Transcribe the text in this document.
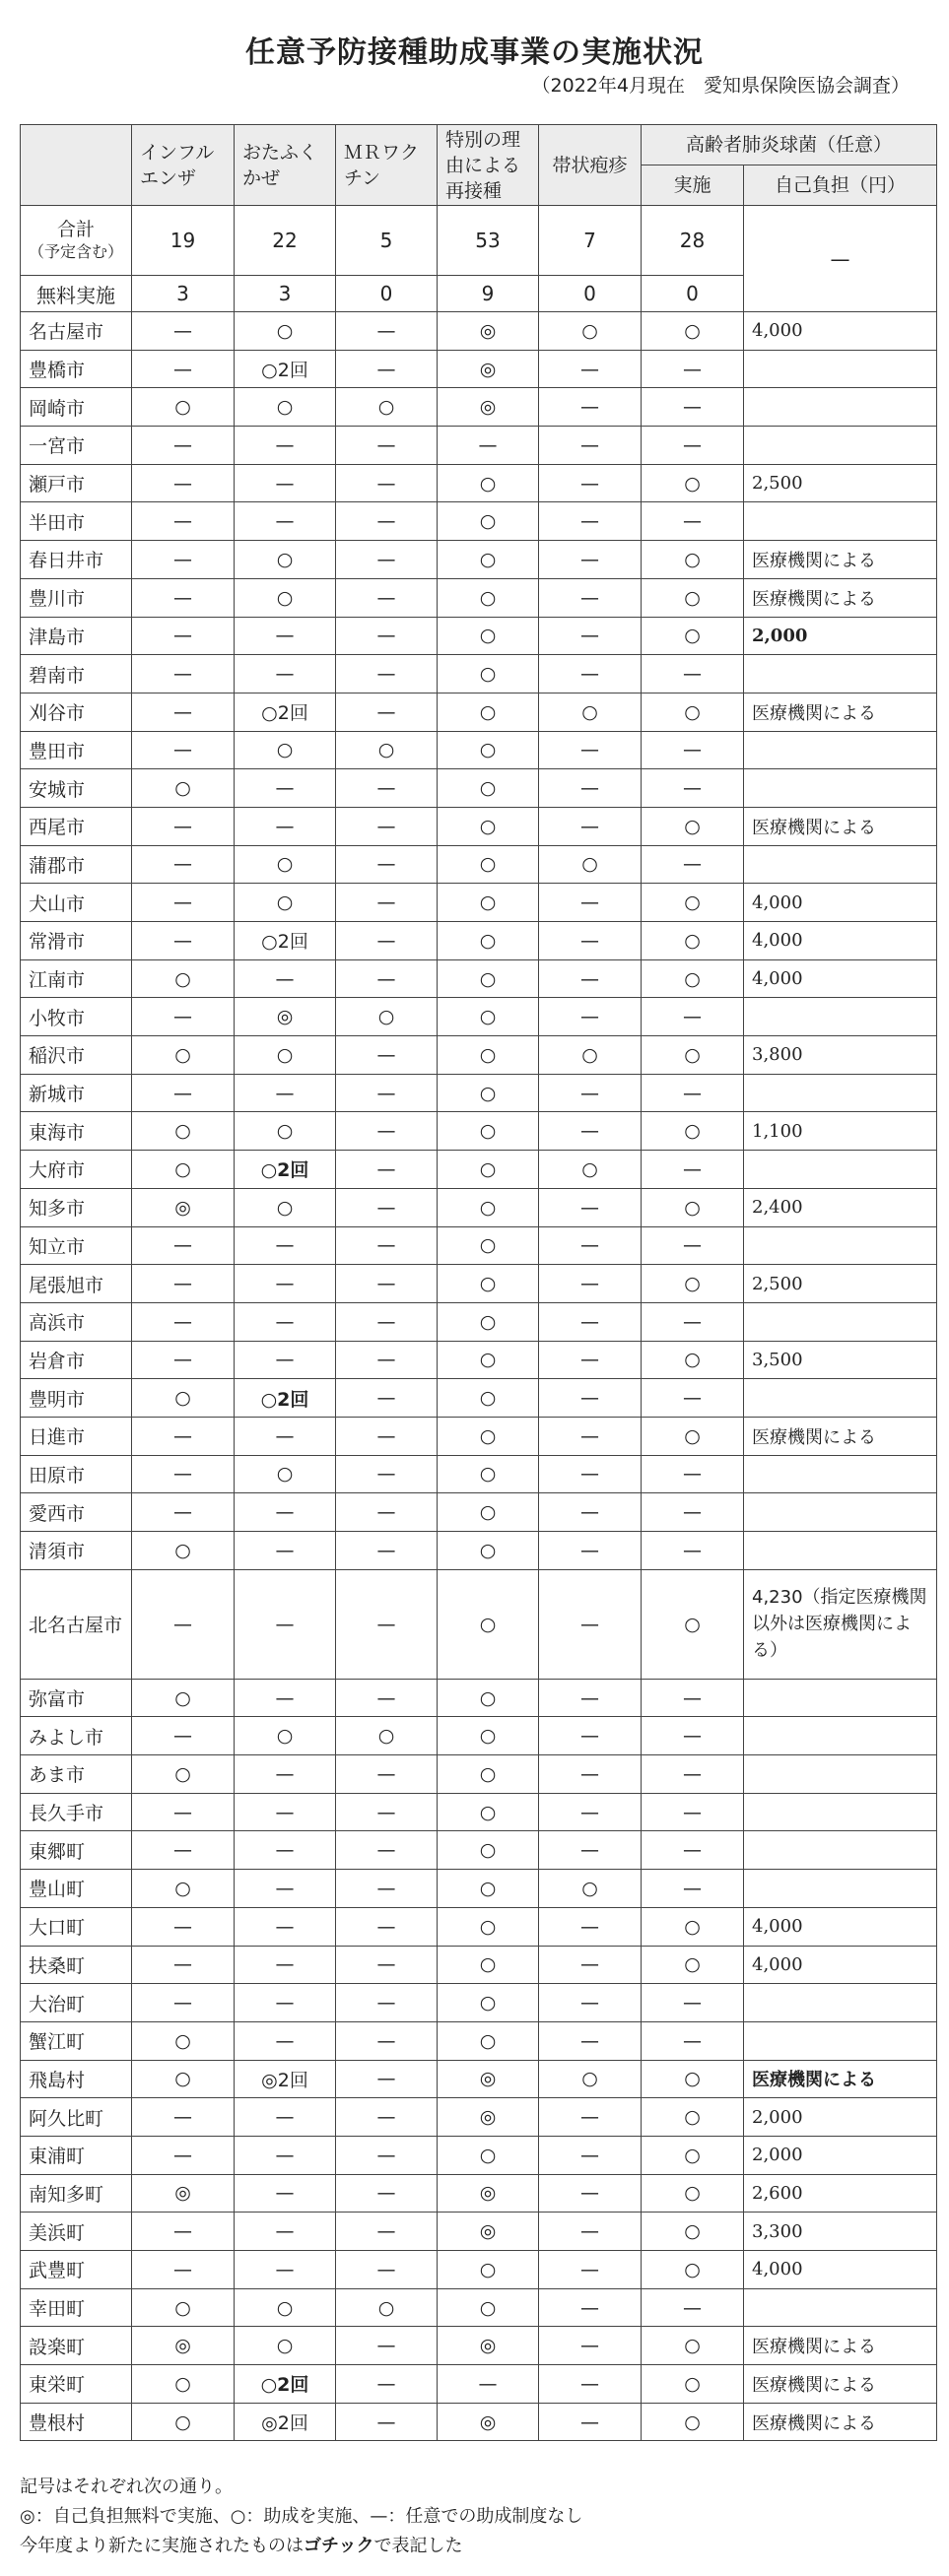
任意予防接種助成事業の実施状況
（2022年4月現在　愛知県保険医協会調査）
	インフル
エンザ	おたふく
かぜ	ＭＲワク
チン	特別の理
由による
再接種	帯状疱疹	高齢者肺炎球菌（任意）	
						実施	自己負担（円）
合計
（予定含む）	19	22	5	53	7	28	—
無料実施	3	3	0	9	0	0	
名古屋市	—	○	—	◎	○	○	4,000
豊橋市	—	○2回	—	◎	—	—	
岡崎市	○	○	○	◎	—	—	
一宮市	—	—	—	—	—	—	
瀬戸市	—	—	—	○	—	○	2,500
半田市	—	—	—	○	—	—	
春日井市	—	○	—	○	—	○	医療機関による
豊川市	—	○	—	○	—	○	医療機関による
津島市	—	—	—	○	—	○	2,000
碧南市	—	—	—	○	—	—	
刈谷市	—	○2回	—	○	○	○	医療機関による
豊田市	—	○	○	○	—	—	
安城市	○	—	—	○	—	—	
西尾市	—	—	—	○	—	○	医療機関による
蒲郡市	—	○	—	○	○	—	
犬山市	—	○	—	○	—	○	4,000
常滑市	—	○2回	—	○	—	○	4,000
江南市	○	—	—	○	—	○	4,000
小牧市	—	◎	○	○	—	—	
稲沢市	○	○	—	○	○	○	3,800
新城市	—	—	—	○	—	—	
東海市	○	○	—	○	—	○	1,100
大府市	○	○2回	—	○	○	—	
知多市	◎	○	—	○	—	○	2,400
知立市	—	—	—	○	—	—	
尾張旭市	—	—	—	○	—	○	2,500
高浜市	—	—	—	○	—	—	
岩倉市	—	—	—	○	—	○	3,500
豊明市	○	○2回	—	○	—	—	
日進市	—	—	—	○	—	○	医療機関による
田原市	—	○	—	○	—	—	
愛西市	—	—	—	○	—	—	
清須市	○	—	—	○	—	—	
北名古屋市	—	—	—	○	—	○	4,230（指定医療機関以外は医療機関による）
弥富市	○	—	—	○	—	—	
みよし市	—	○	○	○	—	—	
あま市	○	—	—	○	—	—	
長久手市	—	—	—	○	—	—	
東郷町	—	—	—	○	—	—	
豊山町	○	—	—	○	○	—	
大口町	—	—	—	○	—	○	4,000
扶桑町	—	—	—	○	—	○	4,000
大治町	—	—	—	○	—	—	
蟹江町	○	—	—	○	—	—	
飛島村	○	◎2回	—	◎	○	○	医療機関による
阿久比町	—	—	—	◎	—	○	2,000
東浦町	—	—	—	○	—	○	2,000
南知多町	◎	—	—	◎	—	○	2,600
美浜町	—	—	—	◎	—	○	3,300
武豊町	—	—	—	○	—	○	4,000
幸田町	○	○	○	○	—	—	
設楽町	◎	○	—	◎	—	○	医療機関による
東栄町	○	○2回	—	—	—	○	医療機関による
豊根村	○	◎2回	—	◎	—	○	医療機関による
記号はそれぞれ次の通り。
◎：自己負担無料で実施、○：助成を実施、—：任意での助成制度なし
今年度より新たに実施されたものはゴチックで表記した
